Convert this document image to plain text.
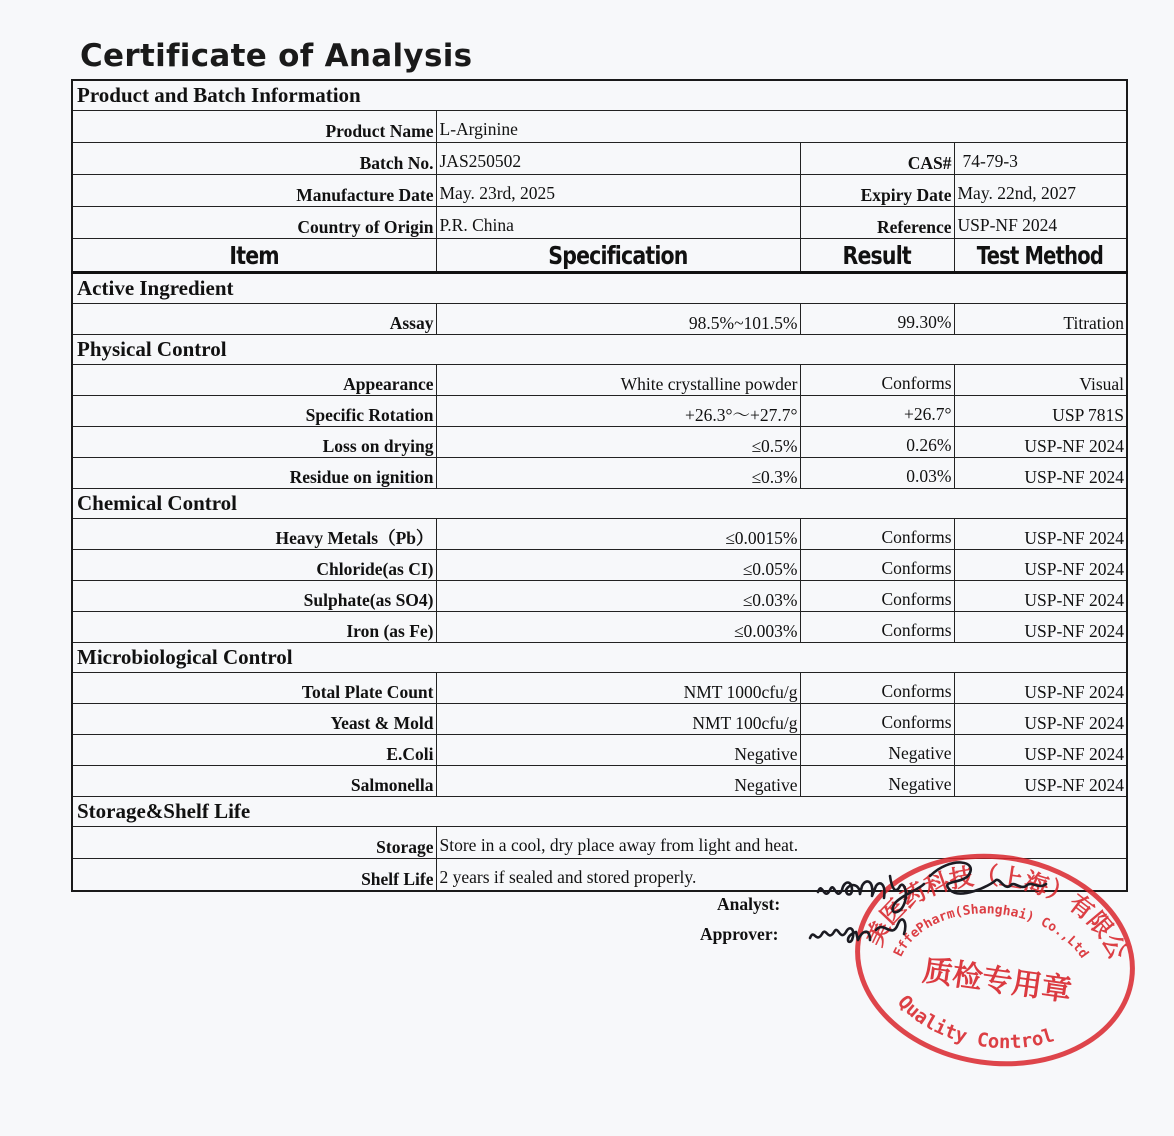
Certificate of Analysis
Product and Batch Information			
Product Name	L-Arginine		
Batch No.	JAS250502	CAS#	74-79-3
Manufacture Date	May. 23rd, 2025	Expiry Date	May. 22nd, 2027
Country of Origin	P.R. China	Reference	USP-NF 2024
Item	Specification	Result	Test Method
Active Ingredient			
Assay	98.5%~101.5%	99.30%	Titration
Physical Control			
Appearance	White crystalline powder	Conforms	Visual
Specific Rotation	+26.3°～+27.7°	+26.7°	USP 781S
Loss on drying	≤0.5%	0.26%	USP-NF 2024
Residue on ignition	≤0.3%	0.03%	USP-NF 2024
Chemical Control			
Heavy Metals（Pb）	≤0.0015%	Conforms	USP-NF 2024
Chloride(as CI)	≤0.05%	Conforms	USP-NF 2024
Sulphate(as SO4)	≤0.03%	Conforms	USP-NF 2024
Iron (as Fe)	≤0.003%	Conforms	USP-NF 2024
Microbiological Control			
Total Plate Count	NMT 1000cfu/g	Conforms	USP-NF 2024
Yeast & Mold	NMT 100cfu/g	Conforms	USP-NF 2024
E.Coli	Negative	Negative	USP-NF 2024
Salmonella	Negative	Negative	USP-NF 2024
Storage&Shelf Life			
Storage	Store in a cool, dry place away from light and heat.		
Shelf Life	2 years if sealed and stored properly.		
Analyst:
Approver:	美医药科技（上海）有限公司
EffePharm(Shanghai) Co.,Ltd
质检专用章
Quality Control
